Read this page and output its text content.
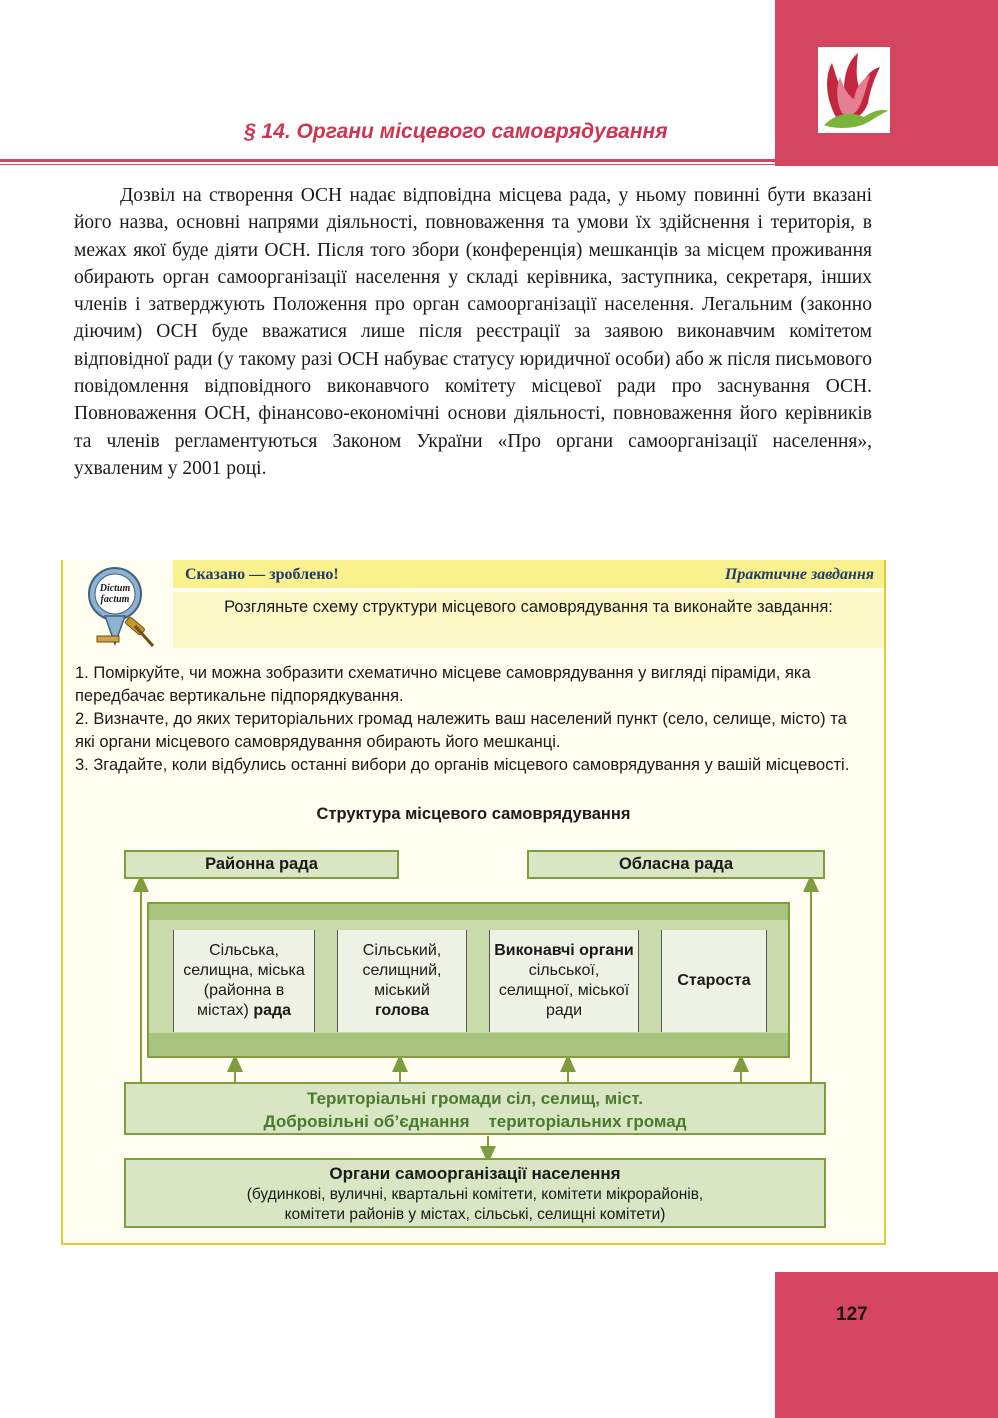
§ 14. Органи місцевого самоврядування
Дозвіл на створення ОСН надає відповідна місцева рада, у ньому повинні бути вказані його назва, основні напрями діяльності, повноваження та умови їх здійснення і територія, в межах якої буде діяти ОСН. Після того збори (конференція) мешканців за місцем проживання обирають орган самоорганізації населення у складі керівника, заступника, секретаря, інших членів і затверджують Положення про орган самоорганізації населення. Легальним (законно діючим) ОСН буде вважатися лише після реєстрації за заявою виконавчим комітетом відповідної ради (у такому разі ОСН набуває статусу юридичної особи) або ж після письмового повідомлення відповідного виконавчого комітету місцевої ради про заснування ОСН. Повноваження ОСН, фінансово-економічні основи діяльності, повноваження його керівників та членів регламентуються Законом України «Про органи самоорганізації населення», ухваленим у 2001 році.
Dictum
factum
Сказано — зроблено!	Практичне завдання
Розгляньте схему структури місцевого самоврядування та виконайте завдання:

1. Поміркуйте, чи можна зобразити схематично місцеве самоврядування у вигляді піраміди, яка передбачає вертикальне підпорядкування.

2. Визначте, до яких територіальних громад належить ваш населений пункт (село, селище, місто) та які органи місцевого самоврядування обирають його мешканці.

3. Згадайте, коли відбулись останні вибори до органів місцевого самоврядування у вашій місцевості.

Структура місцевого самоврядування
Районна рада	Обласна рада
Сільська, селищна, міська (районна в містах) рада
Сільський, селищний, міський
голова
Виконавчі органи
сільської, селищної, міської ради
Староста
Територіальні громади сіл, селищ, міст.
Добровільні об’єднання    територіальних громад
Органи самоорганізації населення
(будинкові, вуличні, квартальні комітети, комітети мікрорайонів,
комітети районів у містах, сільські, селищні комітети)
127
